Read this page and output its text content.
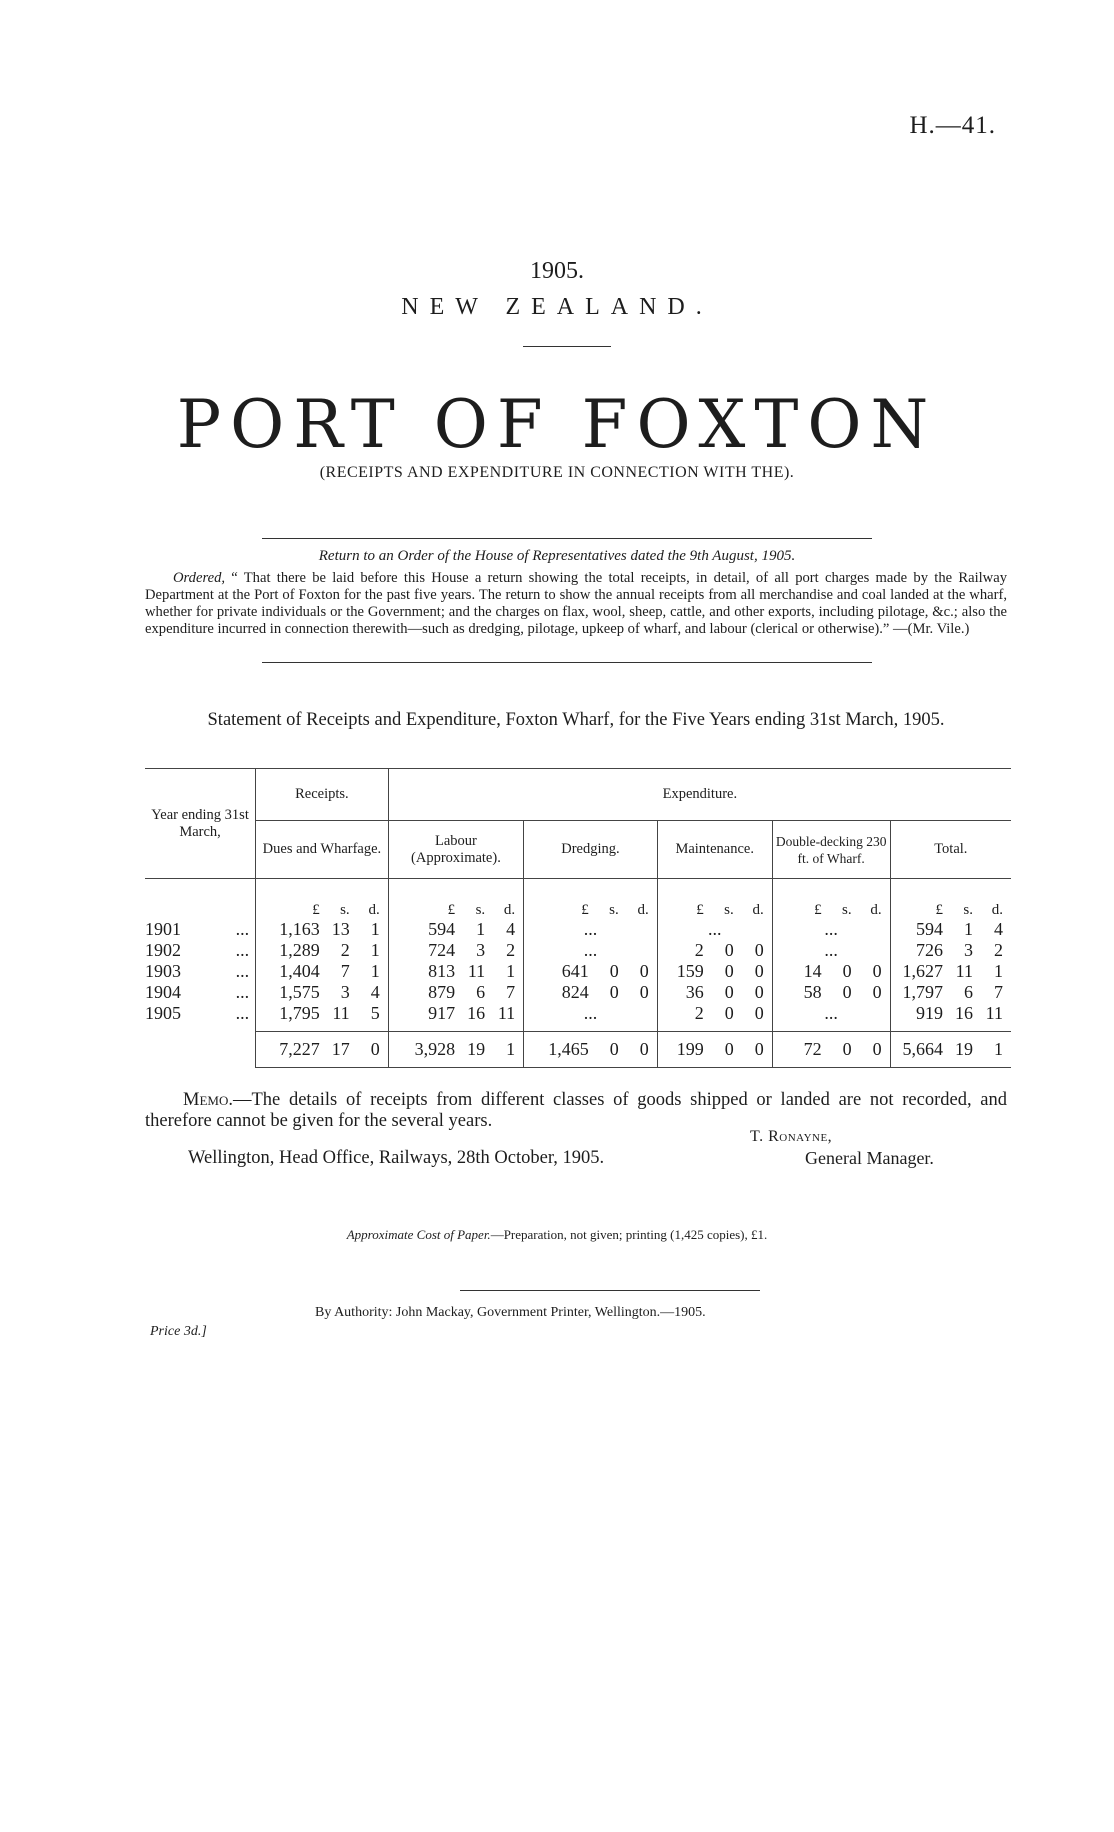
H.—41.
1905.
NEW ZEALAND.
PORT OF FOXTON
(RECEIPTS AND EXPENDITURE IN CONNECTION WITH THE).
Return to an Order of the House of Representatives dated the 9th August, 1905.
Ordered, “ That there be laid before this House a return showing the total receipts, in detail, of all port charges made by the Railway Department at the Port of Foxton for the past five years. The return to show the annual receipts from all merchandise and coal landed at the wharf, whether for private individuals or the Government; and the charges on flax, wool, sheep, cattle, and other exports, including pilotage, &c.; also the expenditure incurred in connection therewith—such as dredging, pilotage, upkeep of wharf, and labour (clerical or otherwise).” —(Mr. Vile.)
Statement of Receipts and Expenditure, Foxton Wharf, for the Five Years ending 31st March, 1905.
Year ending 31st March,	Receipts.	Expenditure.				
	Dues and Wharfage.	Labour (Approximate).	Dredging.	Maintenance.	Double-decking 230 ft. of Wharf.	Total.

	£ s. d.	£ s. d.	£ s. d.	£ s. d.	£ s. d.	£ s. d.

1901 ...	1,163 13 1	594 1 4	...	...	...	594 1 4

1902 ...	1,289 2 1	724 3 2	...	2 0 0	...	726 3 2

1903 ...	1,404 7 1	813 11 1	641 0 0	159 0 0	14 0 0	1,627 11 1

1904 ...	1,575 3 4	879 6 7	824 0 0	36 0 0	58 0 0	1,797 6 7

1905 ...	1,795 11 5	917 16 11	...	2 0 0	...	919 16 11

	7,227 17 0	3,928 19 1	1,465 0 0	199 0 0	72 0 0	5,664 19 1
Memo.—The details of receipts from different classes of goods shipped or landed are not recorded, and therefore cannot be given for the several years.
T. Ronayne,
Wellington, Head Office, Railways, 28th October, 1905.	General Manager.
Approximate Cost of Paper.—Preparation, not given; printing (1,425 copies), £1.
By Authority: John Mackay, Government Printer, Wellington.—1905.
Price 3d.]
